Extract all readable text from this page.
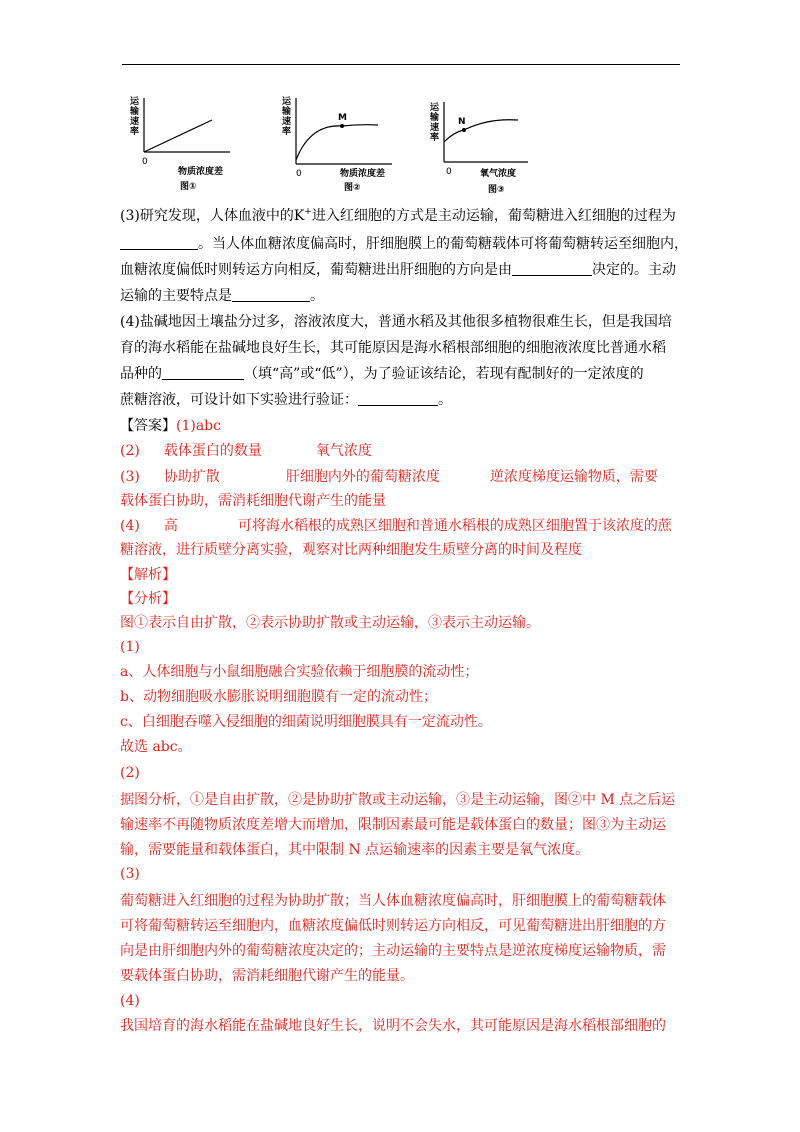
运
输
速
率
0
物质浓度差
图①
运
输
速
率
M
0	物质浓度差
图②
运
输
速
率
N
0	氧气浓度
图③
(3)研究发现，人体血液中的K+进入红细胞的方式是主动运输，葡萄糖进入红细胞的过程为
。当人体血糖浓度偏高时，肝细胞膜上的葡萄糖载体可将葡萄糖转运至细胞内，
血糖浓度偏低时则转运方向相反，葡萄糖进出肝细胞的方向是由	决定的。主动
运输的主要特点是	。
(4)盐碱地因土壤盐分过多，溶液浓度大，普通水稻及其他很多植物很难生长，但是我国培
育的海水稻能在盐碱地良好生长，其可能原因是海水稻根部细胞的细胞液浓度比普通水稻
品种的	（填“高”或“低”），为了验证该结论，若现有配制好的一定浓度的
蔗糖溶液，可设计如下实验进行验证：	。
【答案】(1)abc
(2) 载体蛋白的数量	氧气浓度
(3) 协助扩散	肝细胞内外的葡萄糖浓度	逆浓度梯度运输物质，需要
载体蛋白协助，需消耗细胞代谢产生的能量
(4) 高	可将海水稻根的成熟区细胞和普通水稻根的成熟区细胞置于该浓度的蔗
糖溶液，进行质壁分离实验，观察对比两种细胞发生质壁分离的时间及程度
【解析】
【分析】
图①表示自由扩散，②表示协助扩散或主动运输，③表示主动运输。
(1)
a、人体细胞与小鼠细胞融合实验依赖于细胞膜的流动性；
b、动物细胞吸水膨胀说明细胞膜有一定的流动性；
c、白细胞吞噬入侵细胞的细菌说明细胞膜具有一定流动性。
故选 abc。
(2)
据图分析，①是自由扩散，②是协助扩散或主动运输，③是主动运输，图②中 M 点之后运
输速率不再随物质浓度差增大而增加，限制因素最可能是载体蛋白的数量；图③为主动运
输，需要能量和载体蛋白，其中限制 N 点运输速率的因素主要是氧气浓度。
(3)
葡萄糖进入红细胞的过程为协助扩散；当人体血糖浓度偏高时，肝细胞膜上的葡萄糖载体
可将葡萄糖转运至细胞内，血糖浓度偏低时则转运方向相反，可见葡萄糖进出肝细胞的方
向是由肝细胞内外的葡萄糖浓度决定的；主动运输的主要特点是逆浓度梯度运输物质，需
要载体蛋白协助，需消耗细胞代谢产生的能量。
(4)
我国培育的海水稻能在盐碱地良好生长，说明不会失水，其可能原因是海水稻根部细胞的
